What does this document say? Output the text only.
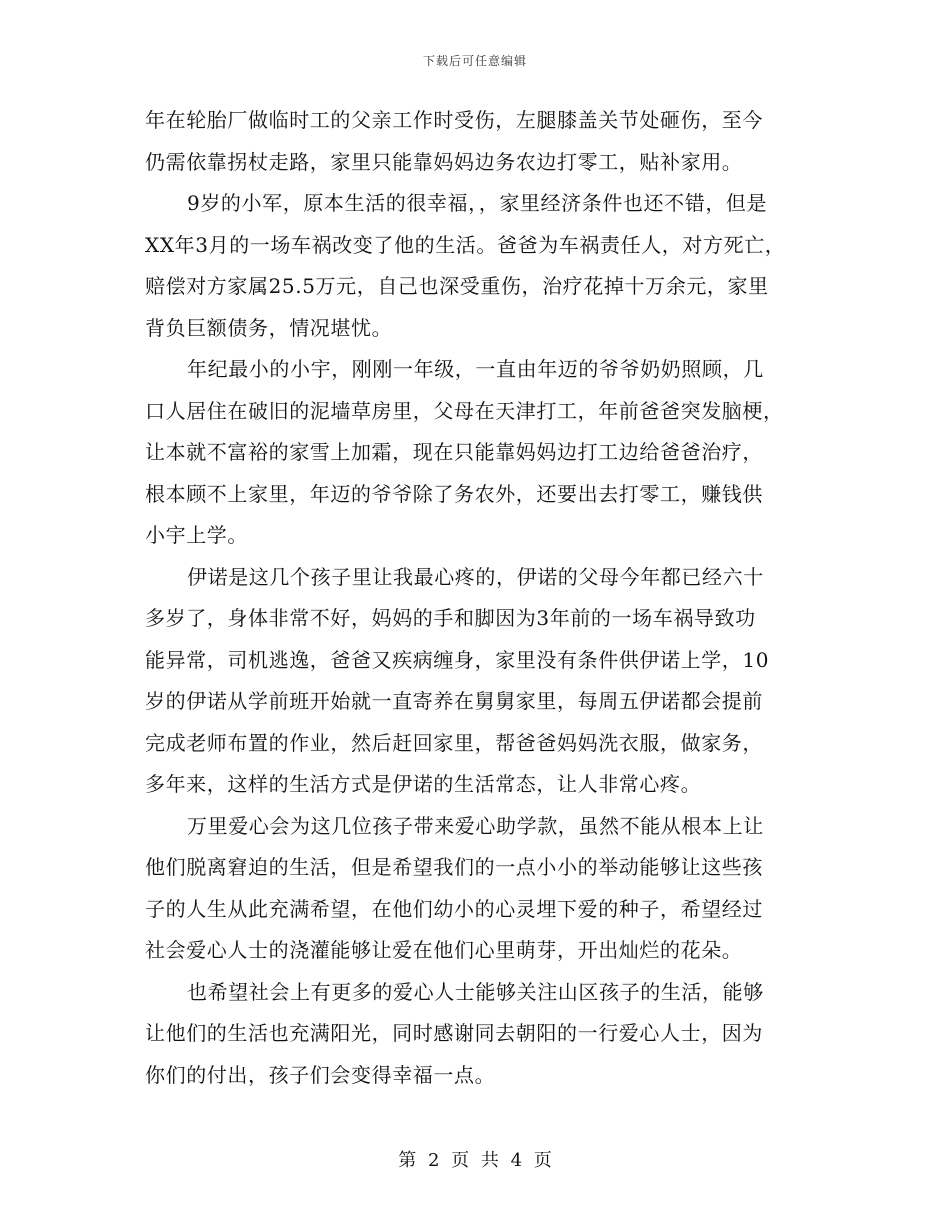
下载后可任意编辑

年在轮胎厂做临时工的父亲工作时受伤，左腿膝盖关节处砸伤，至今
仍需依靠拐杖走路，家里只能靠妈妈边务农边打零工，贴补家用。

9岁的小军，原本生活的很幸福，，家里经济条件也还不错，但是
XX年3月的一场车祸改变了他的生活。爸爸为车祸责任人，对方死亡，
赔偿对方家属25.5万元，自己也深受重伤，治疗花掉十万余元，家里
背负巨额债务，情况堪忧。

年纪最小的小宇，刚刚一年级，一直由年迈的爷爷奶奶照顾，几
口人居住在破旧的泥墙草房里，父母在天津打工，年前爸爸突发脑梗，
让本就不富裕的家雪上加霜，现在只能靠妈妈边打工边给爸爸治疗，
根本顾不上家里，年迈的爷爷除了务农外，还要出去打零工，赚钱供
小宇上学。

伊诺是这几个孩子里让我最心疼的，伊诺的父母今年都已经六十
多岁了，身体非常不好，妈妈的手和脚因为3年前的一场车祸导致功
能异常，司机逃逸，爸爸又疾病缠身，家里没有条件供伊诺上学，10
岁的伊诺从学前班开始就一直寄养在舅舅家里，每周五伊诺都会提前
完成老师布置的作业，然后赶回家里，帮爸爸妈妈洗衣服，做家务，
多年来，这样的生活方式是伊诺的生活常态，让人非常心疼。

万里爱心会为这几位孩子带来爱心助学款，虽然不能从根本上让
他们脱离窘迫的生活，但是希望我们的一点小小的举动能够让这些孩
子的人生从此充满希望，在他们幼小的心灵埋下爱的种子，希望经过
社会爱心人士的浇灌能够让爱在他们心里萌芽，开出灿烂的花朵。

也希望社会上有更多的爱心人士能够关注山区孩子的生活，能够
让他们的生活也充满阳光，同时感谢同去朝阳的一行爱心人士，因为
你们的付出，孩子们会变得幸福一点。

第 2 页 共 4 页
